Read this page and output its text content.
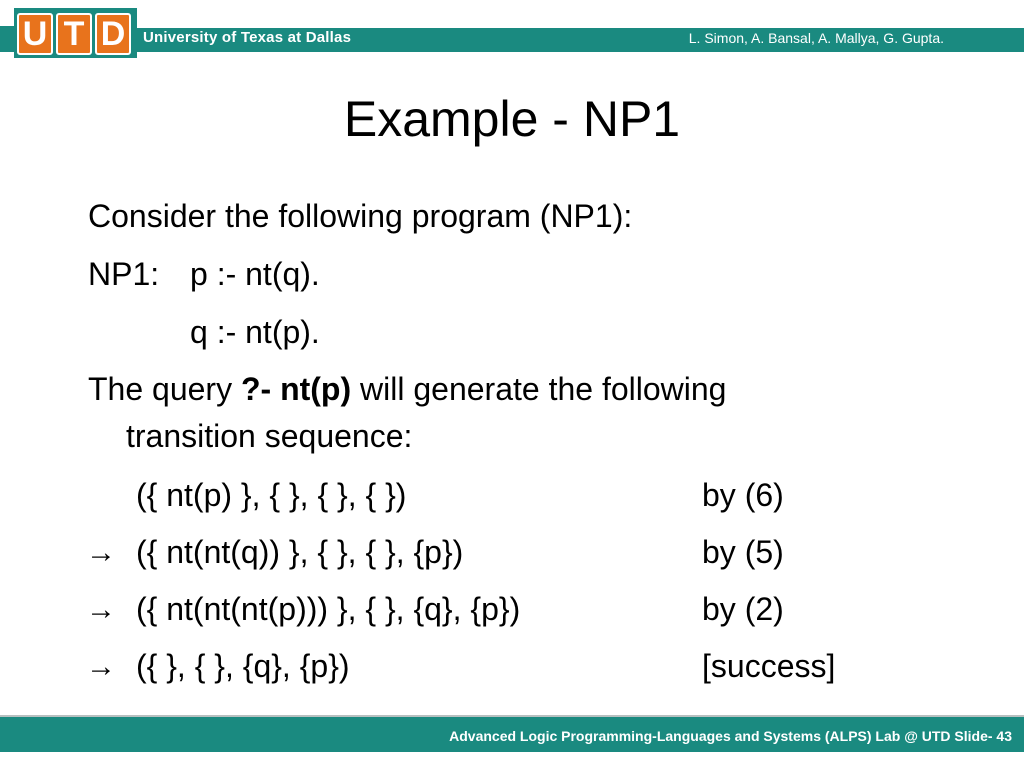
U T D	University of Texas at Dallas	L. Simon, A. Bansal, A. Mallya, G. Gupta.
Example - NP1
Consider the following program (NP1):
NP1: p :- nt(q).
q :- nt(p).
The query ?- nt(p) will generate the following
transition sequence:
({ nt(p) }, { }, { }, { })	by (6)
→ ({ nt(nt(q)) }, { }, { }, {p})	by (5)
→ ({ nt(nt(nt(p))) }, { }, {q}, {p})	by (2)
→ ({ }, { }, {q}, {p})	[success]
Advanced Logic Programming-Languages and Systems (ALPS) Lab @ UTD Slide- 43
